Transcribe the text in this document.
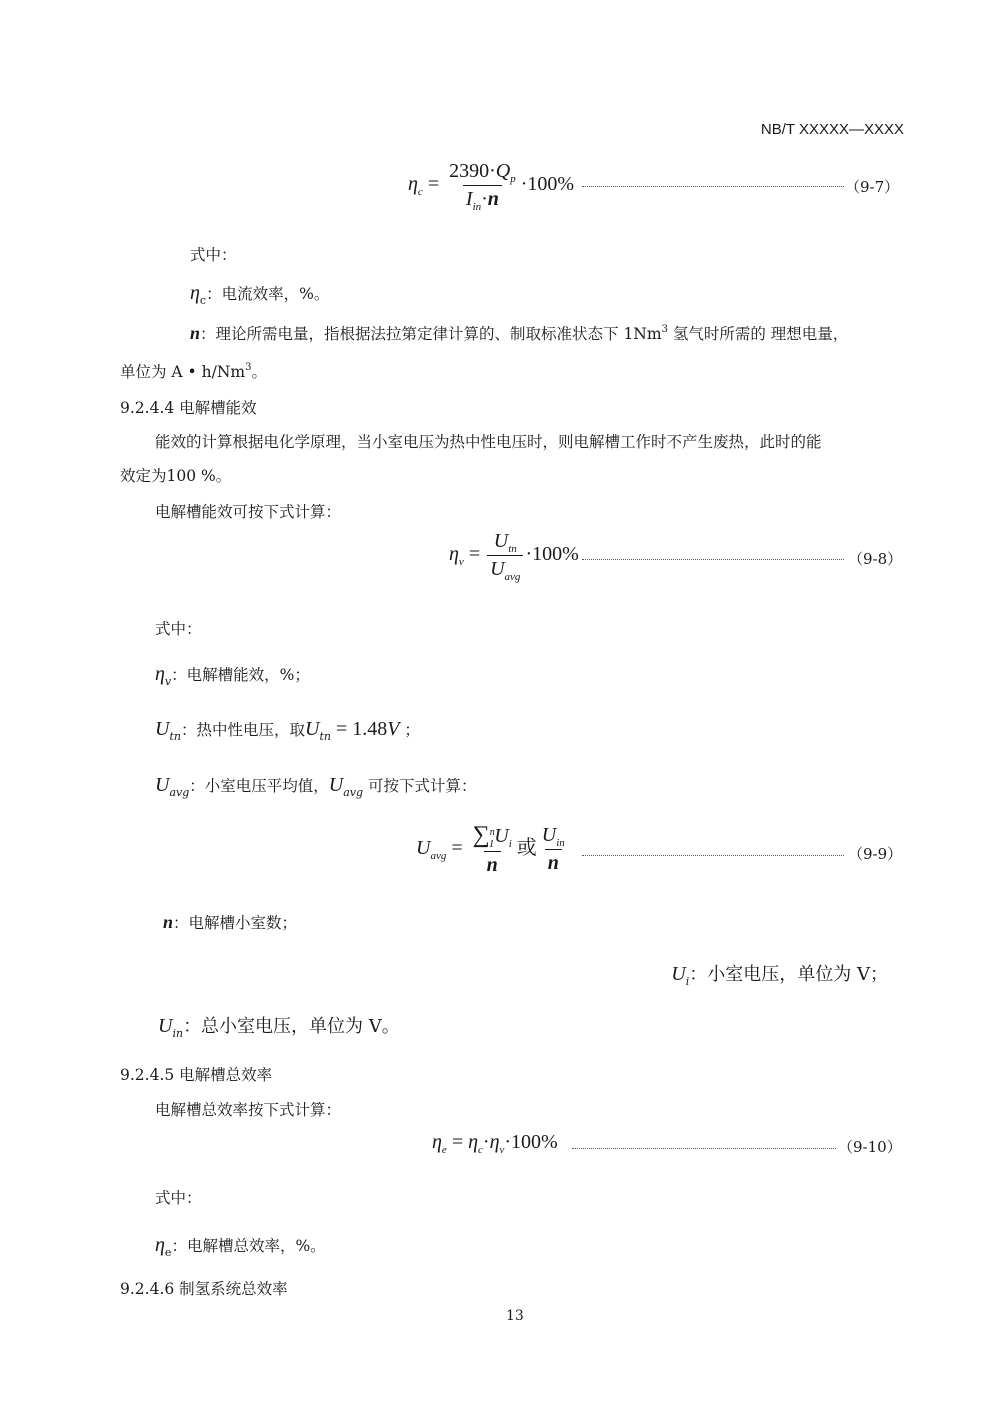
NB/T XXXXX—XXXX
$\eta_c = \frac{2390\cdot Q_p}{I_{in}\cdot n} \cdot 100\%$	（9-7）
式中：
$\eta_c$：电流效率，%。
n：理论所需电量，指根据法拉第定律计算的、制取标准状态下 1Nm$^3$ 氢气时所需的 理想电量，
单位为 A • h/Nm$^3$。
9.2.4.4 电解槽能效
能效的计算根据电化学原理，当小室电压为热中性电压时，则电解槽工作时不产生废热，此时的能
效定为100 %。
电解槽能效可按下式计算：
$\eta_v = \frac{U_{tn}}{U_{avg}} \cdot 100\%$	（9-8）
式中：
$\eta_v$：电解槽能效，%；
$U_{tn}$：热中性电压，取$U_{tn} = 1.48V$ ；
$U_{avg}$：小室电压平均值，$U_{avg}$ 可按下式计算：
$U_{avg} = \frac{\sum^n_1U_i}{n}$ 或 $\frac{U_{in}}{n}$	（9-9）
n：电解槽小室数；
$U_i$：小室电压，单位为 V；
$U_{in}$：总小室电压，单位为 V。
9.2.4.5 电解槽总效率
电解槽总效率按下式计算：
$\eta_e = \eta_c\cdot\eta_v\cdot 100\%$	（9-10）
式中：
$\eta_e$：电解槽总效率，%。
9.2.4.6 制氢系统总效率
13
